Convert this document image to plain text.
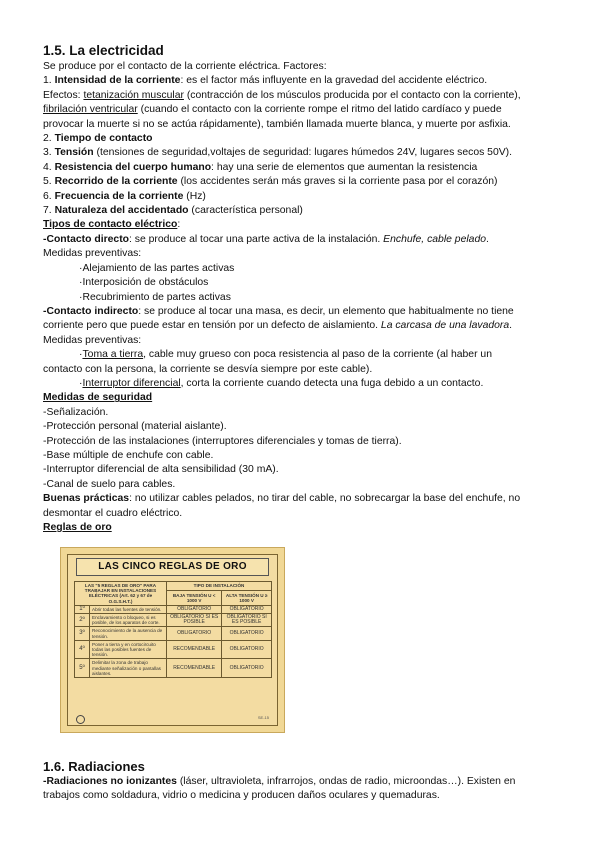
1.5. La electricidad
Se produce por el contacto de la corriente eléctrica. Factores:
1. Intensidad de la corriente: es el factor más influyente en la gravedad del accidente eléctrico.
Efectos: tetanización muscular (contracción de los músculos producida por el contacto con la corriente),
fibrilación ventricular (cuando el contacto con la corriente rompe el ritmo del latido cardíaco y puede
provocar la muerte si no se actúa rápidamente), también llamada muerte blanca, y muerte por asfixia.
2. Tiempo de contacto
3. Tensión (tensiones de seguridad,voltajes de seguridad: lugares húmedos 24V, lugares secos 50V).
4. Resistencia del cuerpo humano: hay una serie de elementos que aumentan la resistencia
5. Recorrido de la corriente (los accidentes serán más graves si la corriente pasa por el corazón)
6. Frecuencia de la corriente (Hz)
7. Naturaleza del accidentado (característica personal)
Tipos de contacto eléctrico:
-Contacto directo: se produce al tocar una parte activa de la instalación. Enchufe, cable pelado.
Medidas preventivas:
·Alejamiento de las partes activas
·Interposición de obstáculos
·Recubrimiento de partes activas
-Contacto indirecto: se produce al tocar una masa, es decir, un elemento que habitualmente no tiene
corriente pero que puede estar en tensión por un defecto de aislamiento. La carcasa de una lavadora.
Medidas preventivas:
·Toma a tierra, cable muy grueso con poca resistencia al paso de la corriente (al haber un
contacto con la persona, la corriente se desvía siempre por este cable).
·Interruptor diferencial, corta la corriente cuando detecta una fuga debido a un contacto.
Medidas de seguridad
-Señalización.
-Protección personal (material aislante).
-Protección de las instalaciones (interruptores diferenciales y tomas de tierra).
-Base múltiple de enchufe con cable.
-Interruptor diferencial de alta sensibilidad (30 mA).
-Canal de suelo para cables.
Buenas prácticas: no utilizar cables pelados, no tirar del cable, no sobrecargar la base del enchufe, no
desmontar el cuadro eléctrico.
Reglas de oro
LAS CINCO REGLAS DE ORO
LAS "5 REGLAS DE ORO" PARA TRABAJAR EN INSTALACIONES ELÉCTRICAS (Art. 62 y 67 de O.G.S.H.T.)		TIPO DE INSTALACIÓN	
		BAJA TENSIÓN U < 1000 V	ALTA TENSIÓN U ≥ 1000 V
1º	Abrir todas las fuentes de tensión.	OBLIGATORIO	OBLIGATORIO
2º	Enclavamiento o bloqueo, si es posible, de los aparatos de corte.	OBLIGATORIO SI ES POSIBLE	OBLIGATORIO SI ES POSIBLE
3º	Reconocimiento de la ausencia de tensión.	OBLIGATORIO	OBLIGATORIO
4º	Poner a tierra y en cortocircuito todas las posibles fuentes de tensión.	RECOMENDABLE	OBLIGATORIO
5º	Delimitar la zona de trabajo mediante señalización o pantallas aislantes.	RECOMENDABLE	OBLIGATORIO
SE-15
1.6. Radiaciones
-Radiaciones no ionizantes (láser, ultravioleta, infrarrojos, ondas de radio, microondas…). Existen en
trabajos como soldadura, vidrio o medicina y producen daños oculares y quemaduras.
